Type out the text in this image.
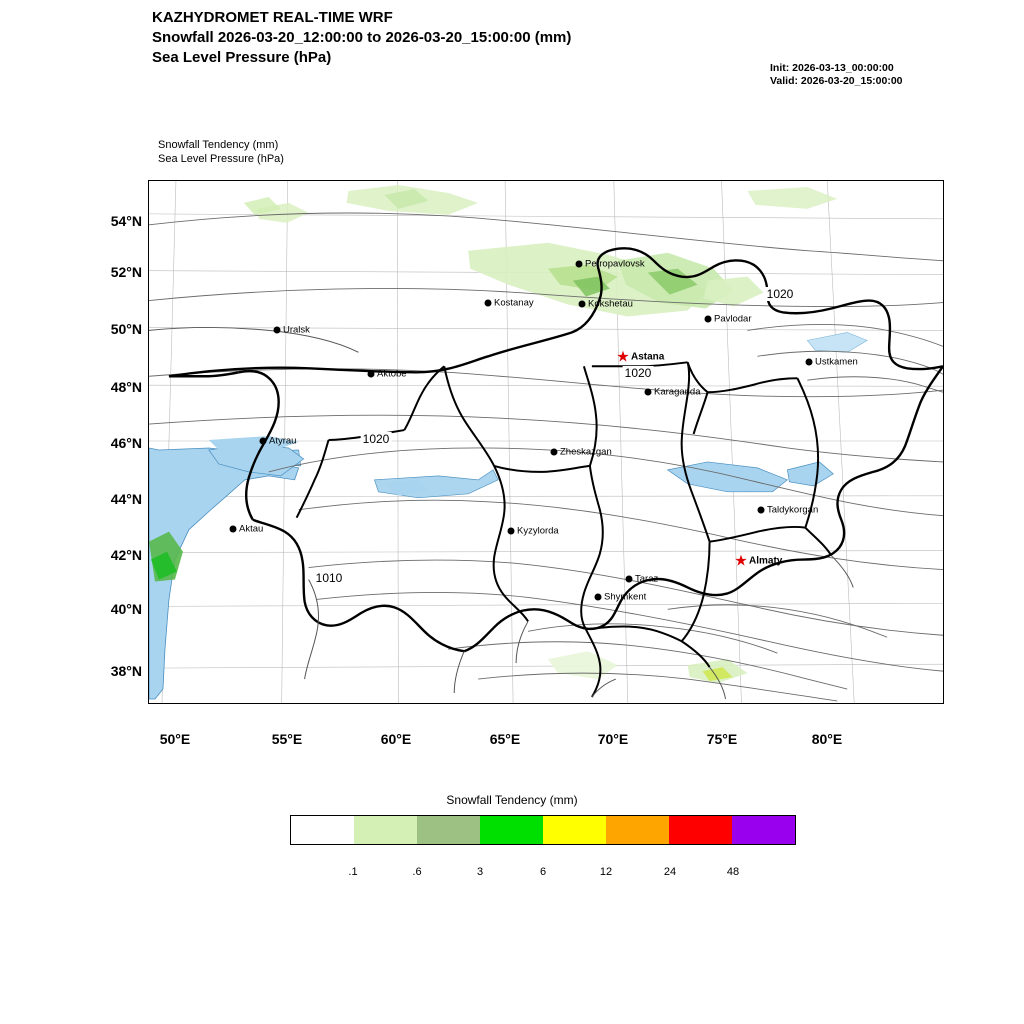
KAZHYDROMET REAL-TIME WRF
Snowfall 2026-03-20_12:00:00 to 2026-03-20_15:00:00 (mm)
Sea Level Pressure (hPa)
Init: 2026-03-13_00:00:00
Valid: 2026-03-20_15:00:00
Snowfall Tendency (mm)
Sea Level Pressure (hPa)
54°N
52°N
50°N
48°N
46°N
44°N
42°N
40°N
38°N
50°E	55°E	60°E	65°E	70°E	75°E	80°E
1020
1020
1020
1010
Petropavlovsk
Kostanay	Kokshetau
Pavlodar
Uralsk
Ustkamen
Aktobe
Karaganda
Atyrau
Zheskazgan
Taldykorgan
Aktau	Kyzylorda
Taraz
Shymkent
★ Astana
★ Almaty
Snowfall Tendency (mm)
.1	.6	3	6	12	24	48
